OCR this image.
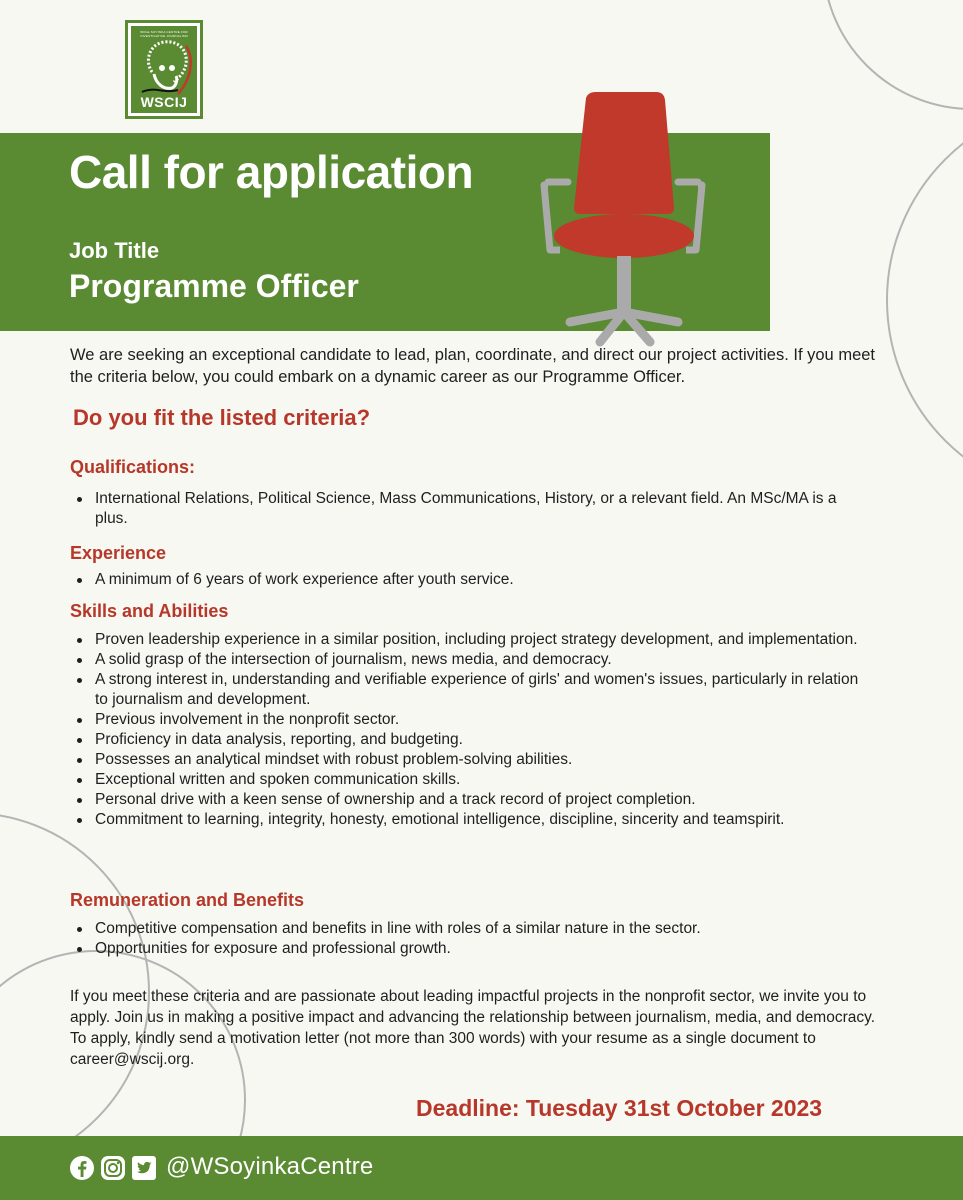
WOLE SOYINKA CENTRE FOR INVESTIGATIVE JOURNALISM
WSCIJ
Call for application
Job Title
Programme Officer

We are seeking an exceptional candidate to lead, plan, coordinate, and direct our project activities. If you meet the criteria below, you could embark on a dynamic career as our Programme Officer.

Do you fit the listed criteria?
Qualifications:
International Relations, Political Science, Mass Communications, History, or a relevant field. An MSc/MA is a plus.
Experience
A minimum of 6 years of work experience after youth service.
Skills and Abilities
Proven leadership experience in a similar position, including project strategy development, and implementation.
A solid grasp of the intersection of journalism, news media, and democracy.
A strong interest in, understanding and verifiable experience of girls' and women's issues, particularly in relation to journalism and development.
Previous involvement in the nonprofit sector.
Proficiency in data analysis, reporting, and budgeting.
Possesses an analytical mindset with robust problem-solving abilities.
Exceptional written and spoken communication skills.
Personal drive with a keen sense of ownership and a track record of project completion.
Commitment to learning, integrity, honesty, emotional intelligence, discipline, sincerity and teamspirit.
Remuneration and Benefits
Competitive compensation and benefits in line with roles of a similar nature in the sector.
Opportunities for exposure and professional growth.

If you meet these criteria and are passionate about leading impactful projects in the nonprofit sector, we invite you to apply. Join us in making a positive impact and advancing the relationship between journalism, media, and democracy.

To apply, kindly send a motivation letter (not more than 300 words) with your resume as a single document to career@wscij.org.

Deadline: Tuesday 31st October 2023
@WSoyinkaCentre
